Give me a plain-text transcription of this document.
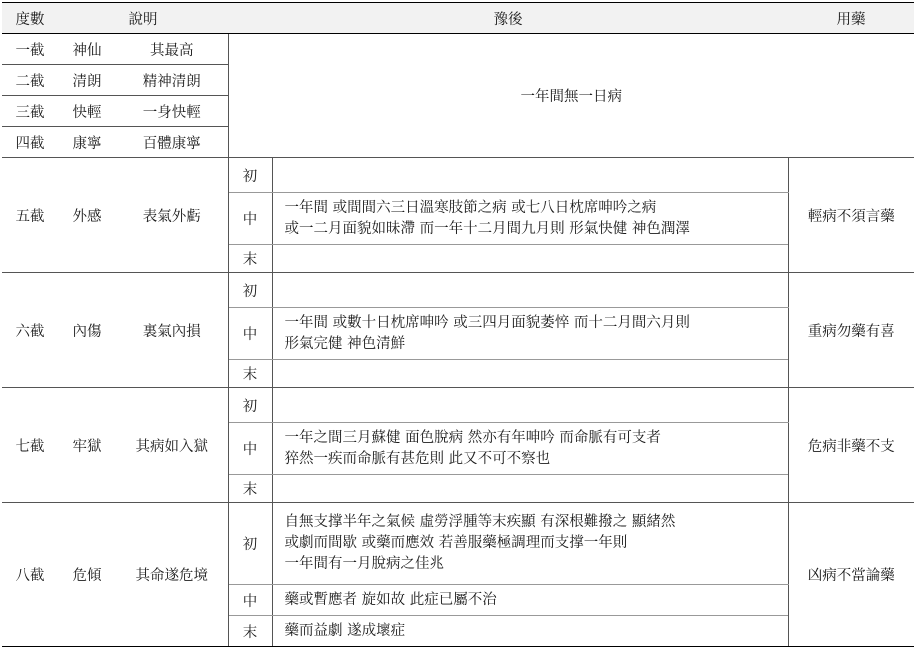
度數	說明		豫後		用藥
一截	神仙	其最高	一年間無一日病		
二截	清朗	精神清朗			
三截	快輕	一身快輕			
四截	康寧	百體康寧			
五截	外感	表氣外虧	初		輕病不須言藥
			中	一年間 或間間六三日溫寒肢節之病 或七八日枕席呻吟之病
或一二月面貌如昧滯 而一年十二月間九月則 形氣快健 神色潤澤	

			末		
六截	內傷	裏氣內損	初		重病勿藥有喜
			中	一年間 或數十日枕席呻吟 或三四月面貌萎悴 而十二月間六月則
形氣完健 神色清鮮	

			末		
七截	牢獄	其病如入獄	初		危病非藥不支
			中	一年之間三月蘇健 面色脫病 然亦有年呻吟 而命脈有可支者
猝然一疾而命脈有甚危則 此又不可不察也	

			末		
八截	危傾	其命遂危境	初	自無支撑半年之氣候 虛勞浮腫等末疾顯 有深根難撥之 顯緒然
或劇而間歇 或藥而應效 若善服藥極調理而支撑一年則
一年間有一月脫病之佳兆	凶病不當論藥
			中	藥或暫應者 旋如故 此症已屬不治	
			末	藥而益劇 遂成壞症	
